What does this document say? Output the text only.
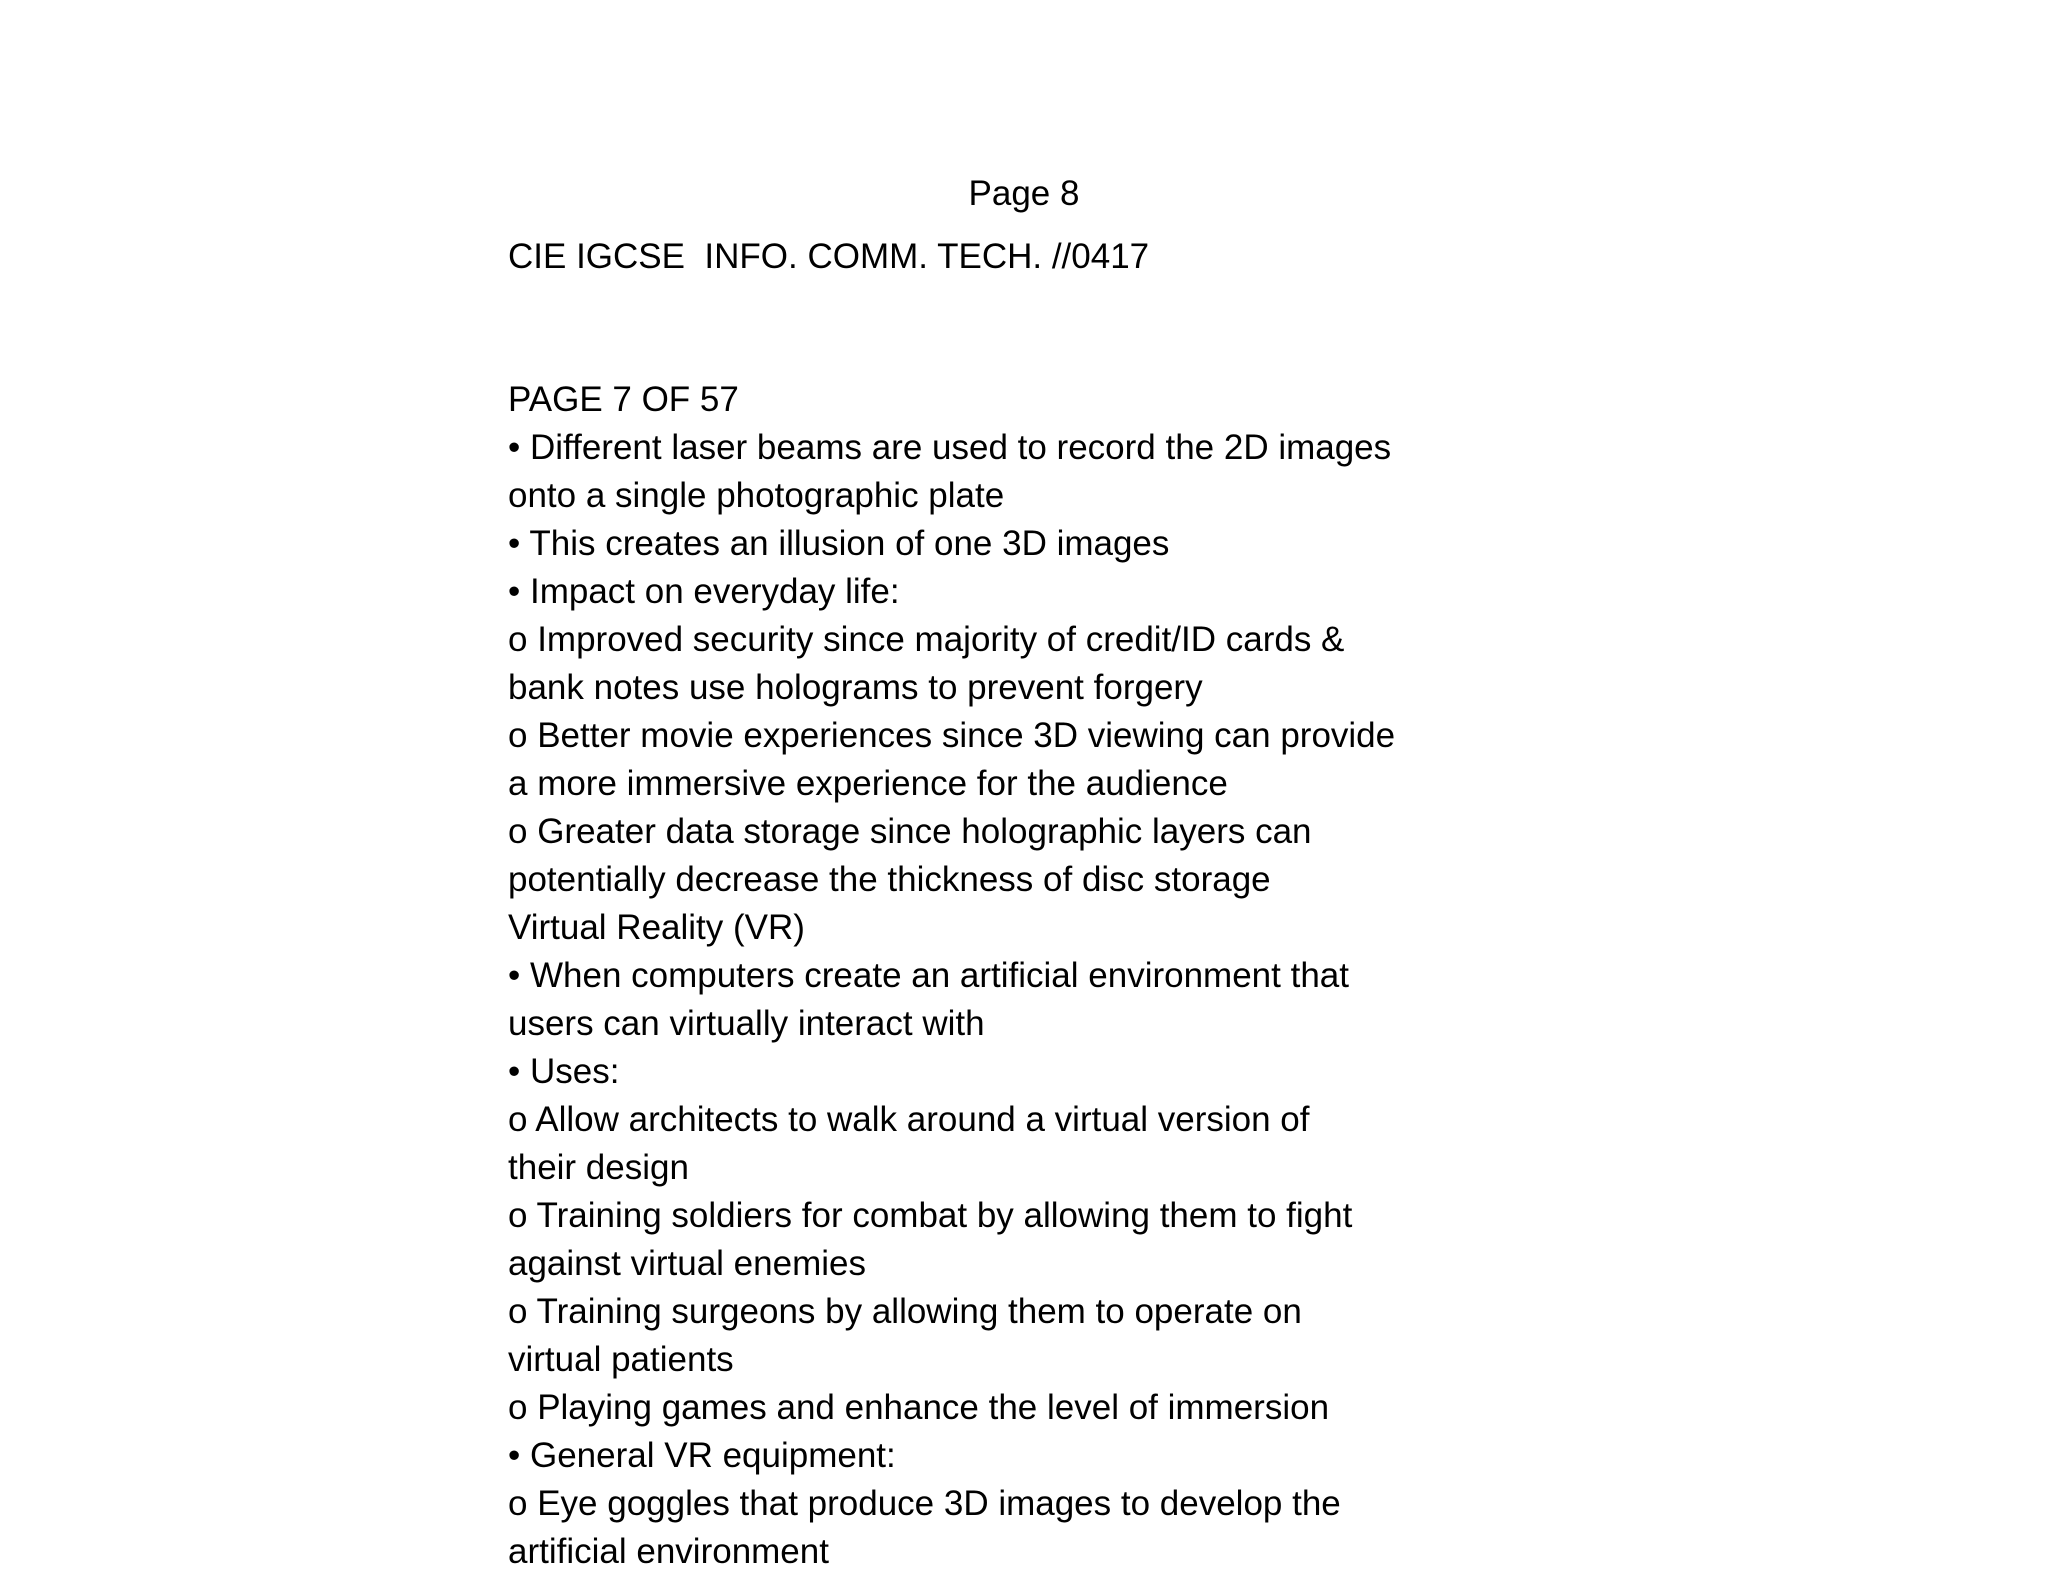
Page 8
CIE IGCSE  INFO. COMM. TECH. //0417
PAGE 7 OF 57
• Different laser beams are used to record the 2D images
onto a single photographic plate
• This creates an illusion of one 3D images
• Impact on everyday life:
o Improved security since majority of credit/ID cards &
bank notes use holograms to prevent forgery
o Better movie experiences since 3D viewing can provide
a more immersive experience for the audience
o Greater data storage since holographic layers can
potentially decrease the thickness of disc storage
Virtual Reality (VR)
• When computers create an artificial environment that
users can virtually interact with
• Uses:
o Allow architects to walk around a virtual version of
their design
o Training soldiers for combat by allowing them to fight
against virtual enemies
o Training surgeons by allowing them to operate on
virtual patients
o Playing games and enhance the level of immersion
• General VR equipment:
o Eye goggles that produce 3D images to develop the
artificial environment
